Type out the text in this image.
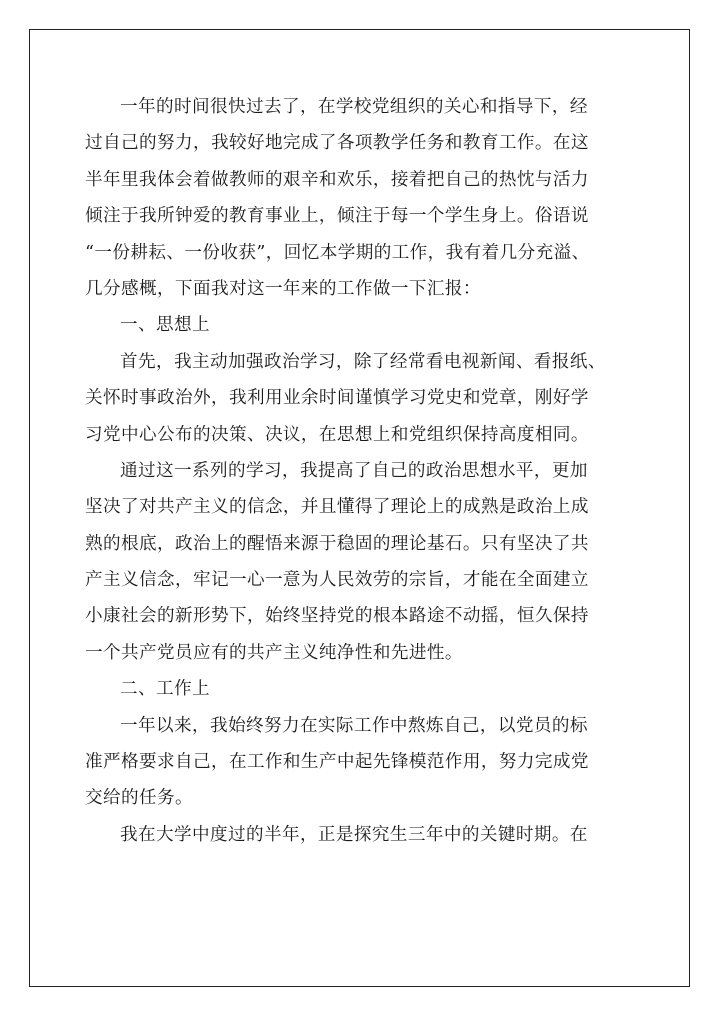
一年的时间很快过去了，在学校党组织的关心和指导下，经
过自己的努力，我较好地完成了各项教学任务和教育工作。在这
半年里我体会着做教师的艰辛和欢乐，接着把自己的热忱与活力
倾注于我所钟爱的教育事业上，倾注于每一个学生身上。俗语说
“一份耕耘、一份收获”，回忆本学期的工作，我有着几分充溢、
几分感概，下面我对这一年来的工作做一下汇报：
一、思想上
首先，我主动加强政治学习，除了经常看电视新闻、看报纸、
关怀时事政治外，我利用业余时间谨慎学习党史和党章，刚好学
习党中心公布的决策、决议，在思想上和党组织保持高度相同。
通过这一系列的学习，我提高了自己的政治思想水平，更加
坚决了对共产主义的信念，并且懂得了理论上的成熟是政治上成
熟的根底，政治上的醒悟来源于稳固的理论基石。只有坚决了共
产主义信念，牢记一心一意为人民效劳的宗旨，才能在全面建立
小康社会的新形势下，始终坚持党的根本路途不动摇，恒久保持
一个共产党员应有的共产主义纯净性和先进性。
二、工作上
一年以来，我始终努力在实际工作中熬炼自己，以党员的标
准严格要求自己，在工作和生产中起先锋模范作用，努力完成党
交给的任务。
我在大学中度过的半年，正是探究生三年中的关键时期。在
